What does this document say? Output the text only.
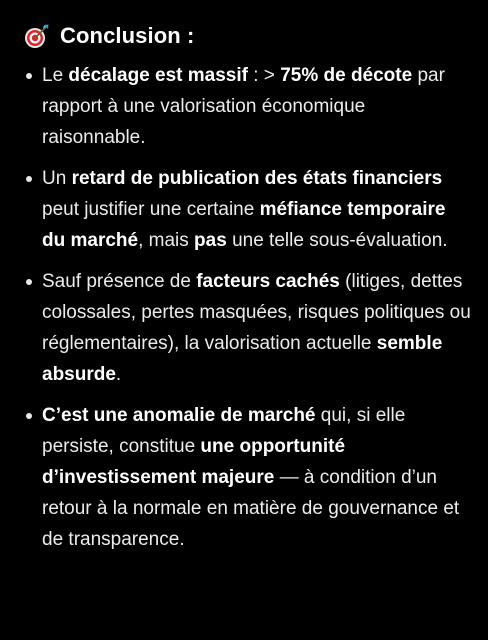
Conclusion :
Le décalage est massif : > 75% de décote par rapport à une valorisation économique raisonnable.
Un retard de publication des états financiers peut justifier une certaine méfiance temporaire du marché, mais pas une telle sous-évaluation.
Sauf présence de facteurs cachés (litiges, dettes colossales, pertes masquées, risques politiques ou réglementaires), la valorisation actuelle semble absurde.
C’est une anomalie de marché qui, si elle persiste, constitue une opportunité d’investissement majeure — à condition d’un retour à la normale en matière de gouvernance et de transparence.
